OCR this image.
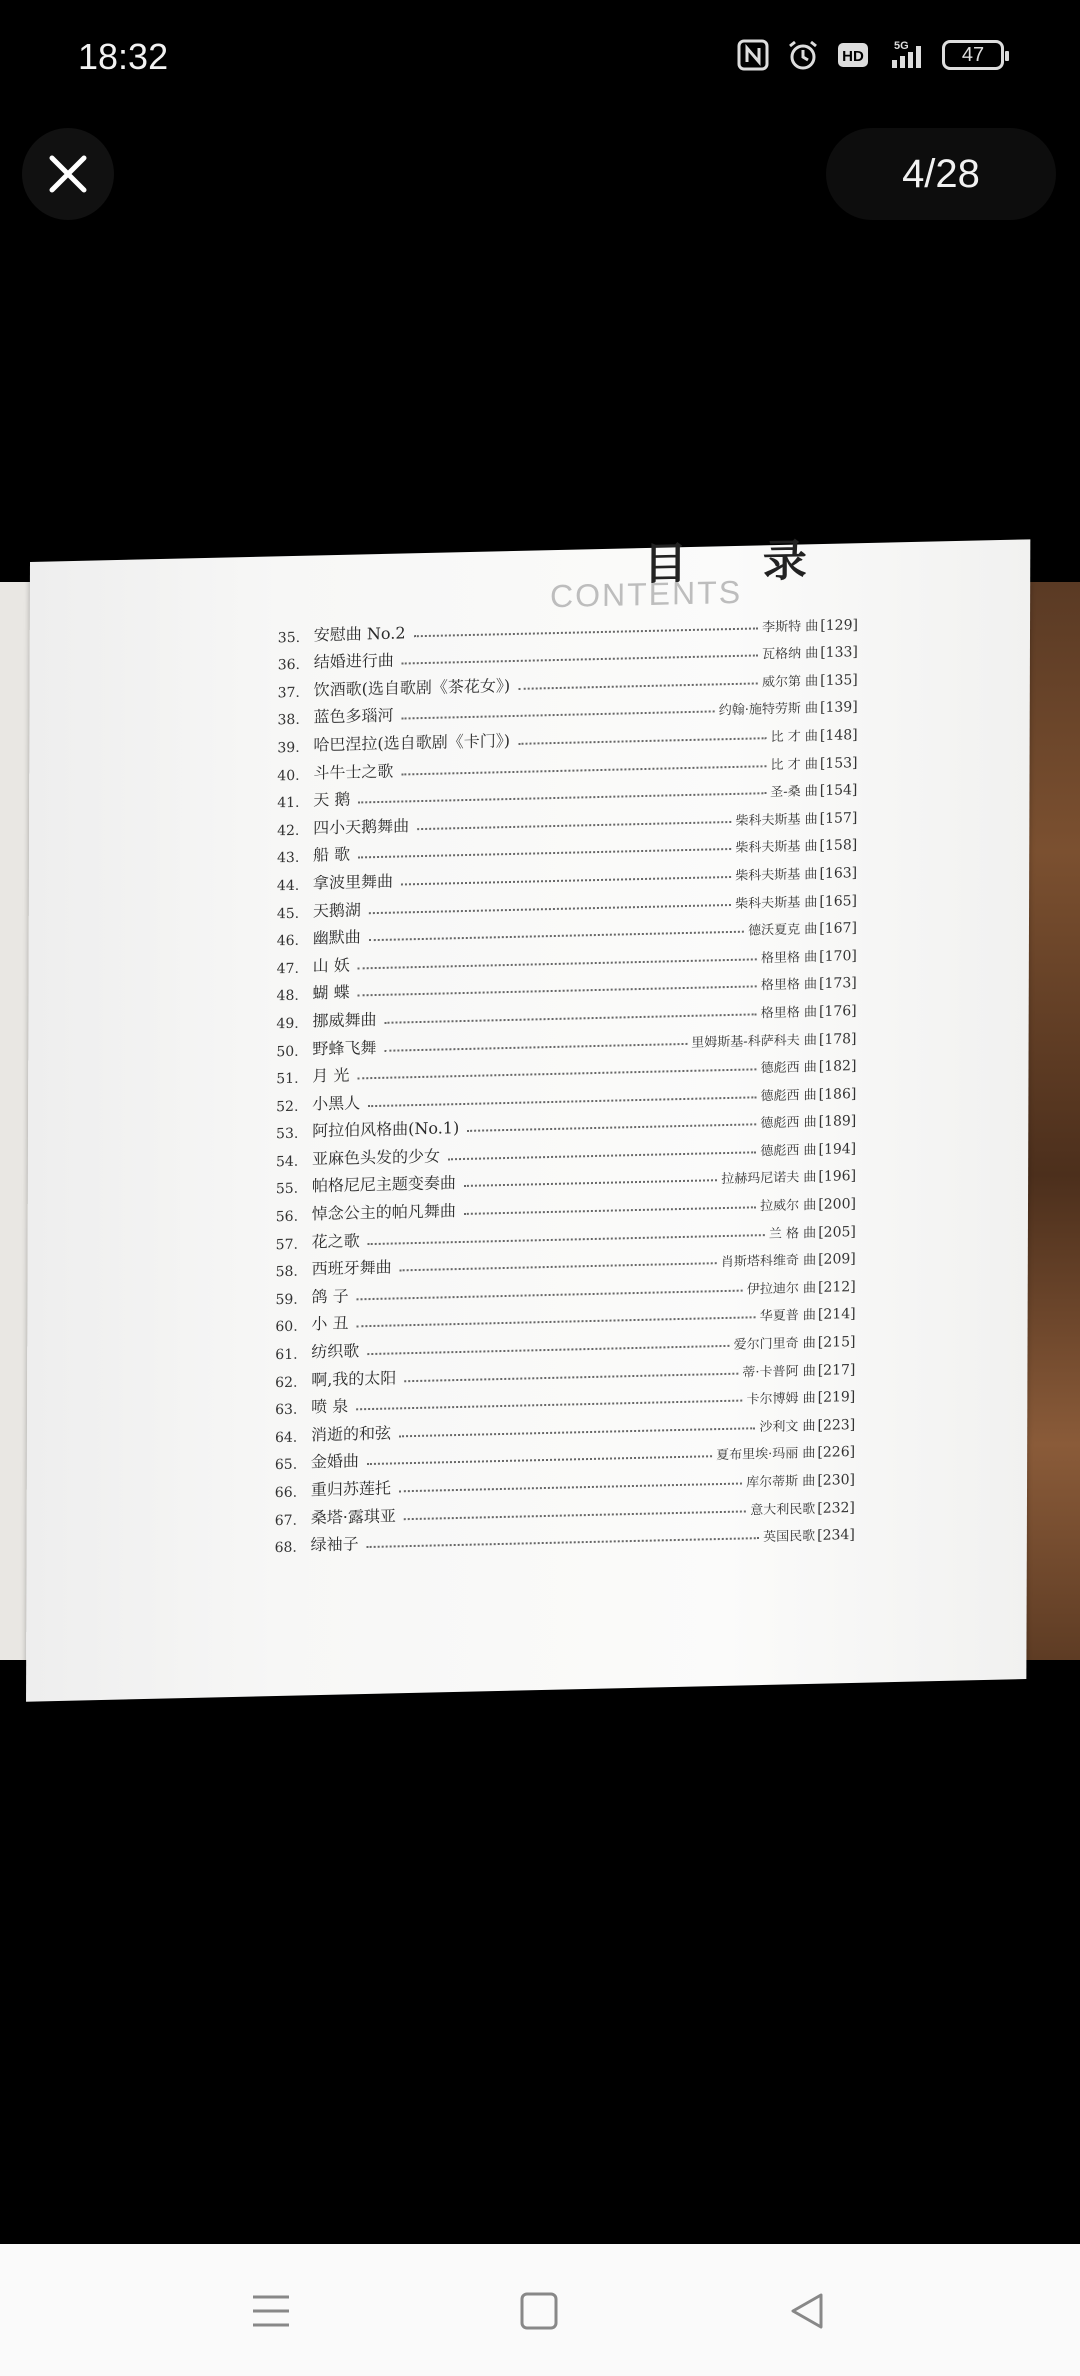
18:32	HD
5G	47
4/28
目 录
CONTENTS
35. 安慰曲 No.2	李斯特 曲 [129]
36. 结婚进行曲	瓦格纳 曲 [133]
37. 饮酒歌(选自歌剧《茶花女》)	威尔第 曲 [135]
38. 蓝色多瑙河	约翰·施特劳斯 曲 [139]
39. 哈巴涅拉(选自歌剧《卡门》)	比 才 曲 [148]
40. 斗牛士之歌	比 才 曲 [153]
41. 天 鹅	圣-桑 曲 [154]
42. 四小天鹅舞曲	柴科夫斯基 曲 [157]
43. 船 歌	柴科夫斯基 曲 [158]
44. 拿波里舞曲	柴科夫斯基 曲 [163]
45. 天鹅湖	柴科夫斯基 曲 [165]
46. 幽默曲	德沃夏克 曲 [167]
47. 山 妖	格里格 曲 [170]
48. 蝴 蝶	格里格 曲 [173]
49. 挪威舞曲	格里格 曲 [176]
50. 野蜂飞舞	里姆斯基-科萨科夫 曲 [178]
51. 月 光	德彪西 曲 [182]
52. 小黑人	德彪西 曲 [186]
53. 阿拉伯风格曲(No.1)	德彪西 曲 [189]
54. 亚麻色头发的少女	德彪西 曲 [194]
55. 帕格尼尼主题变奏曲	拉赫玛尼诺夫 曲 [196]
56. 悼念公主的帕凡舞曲	拉威尔 曲 [200]
57. 花之歌	兰 格 曲 [205]
58. 西班牙舞曲	肖斯塔科维奇 曲 [209]
59. 鸽 子	伊拉迪尔 曲 [212]
60. 小 丑	华夏普 曲 [214]
61. 纺织歌	爱尔门里奇 曲 [215]
62. 啊,我的太阳	蒂·卡普阿 曲 [217]
63. 喷 泉	卡尔博姆 曲 [219]
64. 消逝的和弦	沙利文 曲 [223]
65. 金婚曲	夏布里埃·玛丽 曲 [226]
66. 重归苏莲托	库尔蒂斯 曲 [230]
67. 桑塔·露琪亚	意大利民歌 [232]
68. 绿袖子	英国民歌 [234]
